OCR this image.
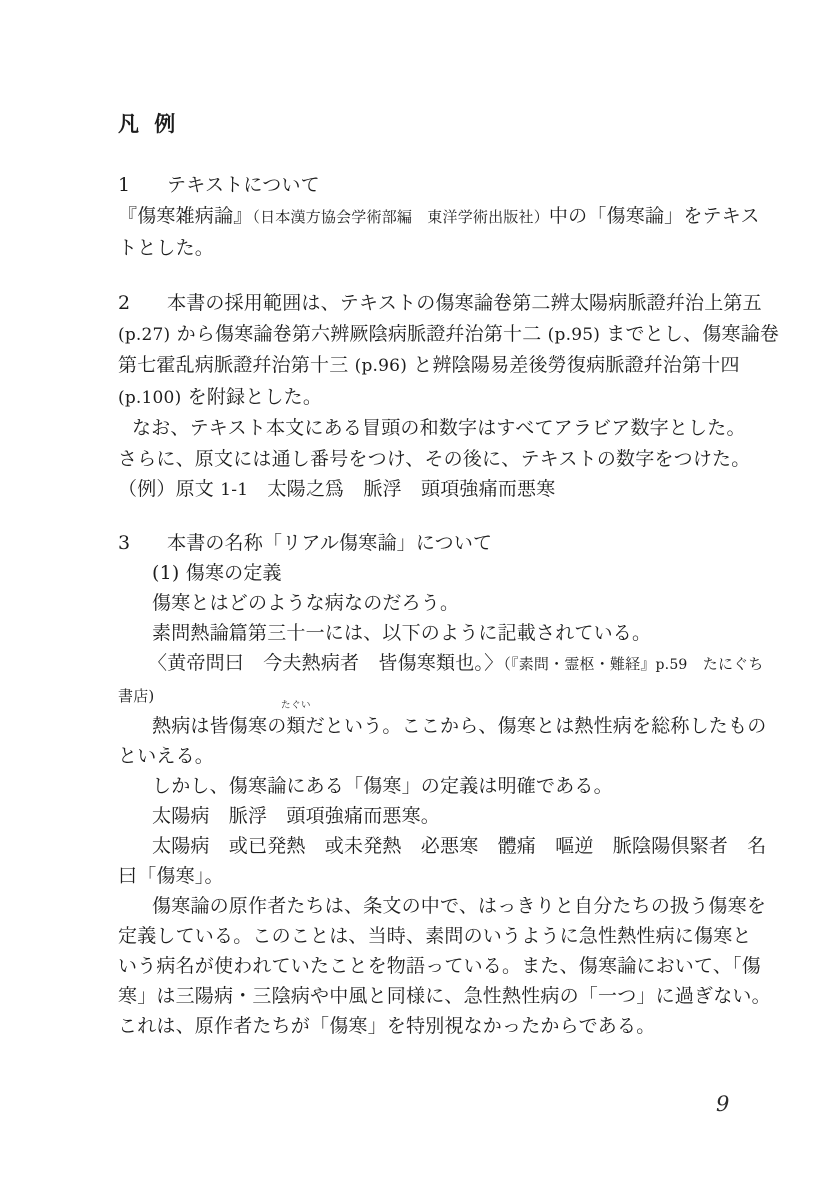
凡 例
1 テキストについて
『傷寒雑病論』（日本漢方協会学術部編　東洋学術出版社）中の「傷寒論」をテキス
トとした。
2 本書の採用範囲は、テキストの傷寒論卷第二辨太陽病脈證幷治上第五
(p.27) から傷寒論卷第六辨厥陰病脈證幷治第十二 (p.95) までとし、傷寒論卷
第七霍乱病脈證幷治第十三 (p.96) と辨陰陽易差後勞復病脈證幷治第十四
(p.100) を附録とした。
なお、テキスト本文にある冒頭の和数字はすべてアラビア数字とした。
さらに、原文には通し番号をつけ、その後に、テキストの数字をつけた。
（例）原文 1-1　太陽之爲　脈浮　頭項強痛而悪寒
3 本書の名称「リアル傷寒論」について
(1) 傷寒の定義
傷寒とはどのような病なのだろう。
素問熱論篇第三十一には、以下のように記載されている。
〈黄帝問曰　今夫熱病者　皆傷寒類也。〉（『素問・霊枢・難経』p.59　たにぐち
書店)
熱病は皆傷寒の類
たぐい
だという。ここから、傷寒とは熱性病を総称したもの
といえる。
しかし、傷寒論にある「傷寒」の定義は明確である。
太陽病　脈浮　頭項強痛而悪寒。
太陽病　或已発熱　或未発熱　必悪寒　體痛　嘔逆　脈陰陽倶緊者　名
曰「傷寒」。
傷寒論の原作者たちは、条文の中で、はっきりと自分たちの扱う傷寒を
定義している。このことは、当時、素問のいうように急性熱性病に傷寒と
いう病名が使われていたことを物語っている。また、傷寒論において、「傷
寒」は三陽病・三陰病や中風と同様に、急性熱性病の「一つ」に過ぎない。
これは、原作者たちが「傷寒」を特別視なかったからである。
9
